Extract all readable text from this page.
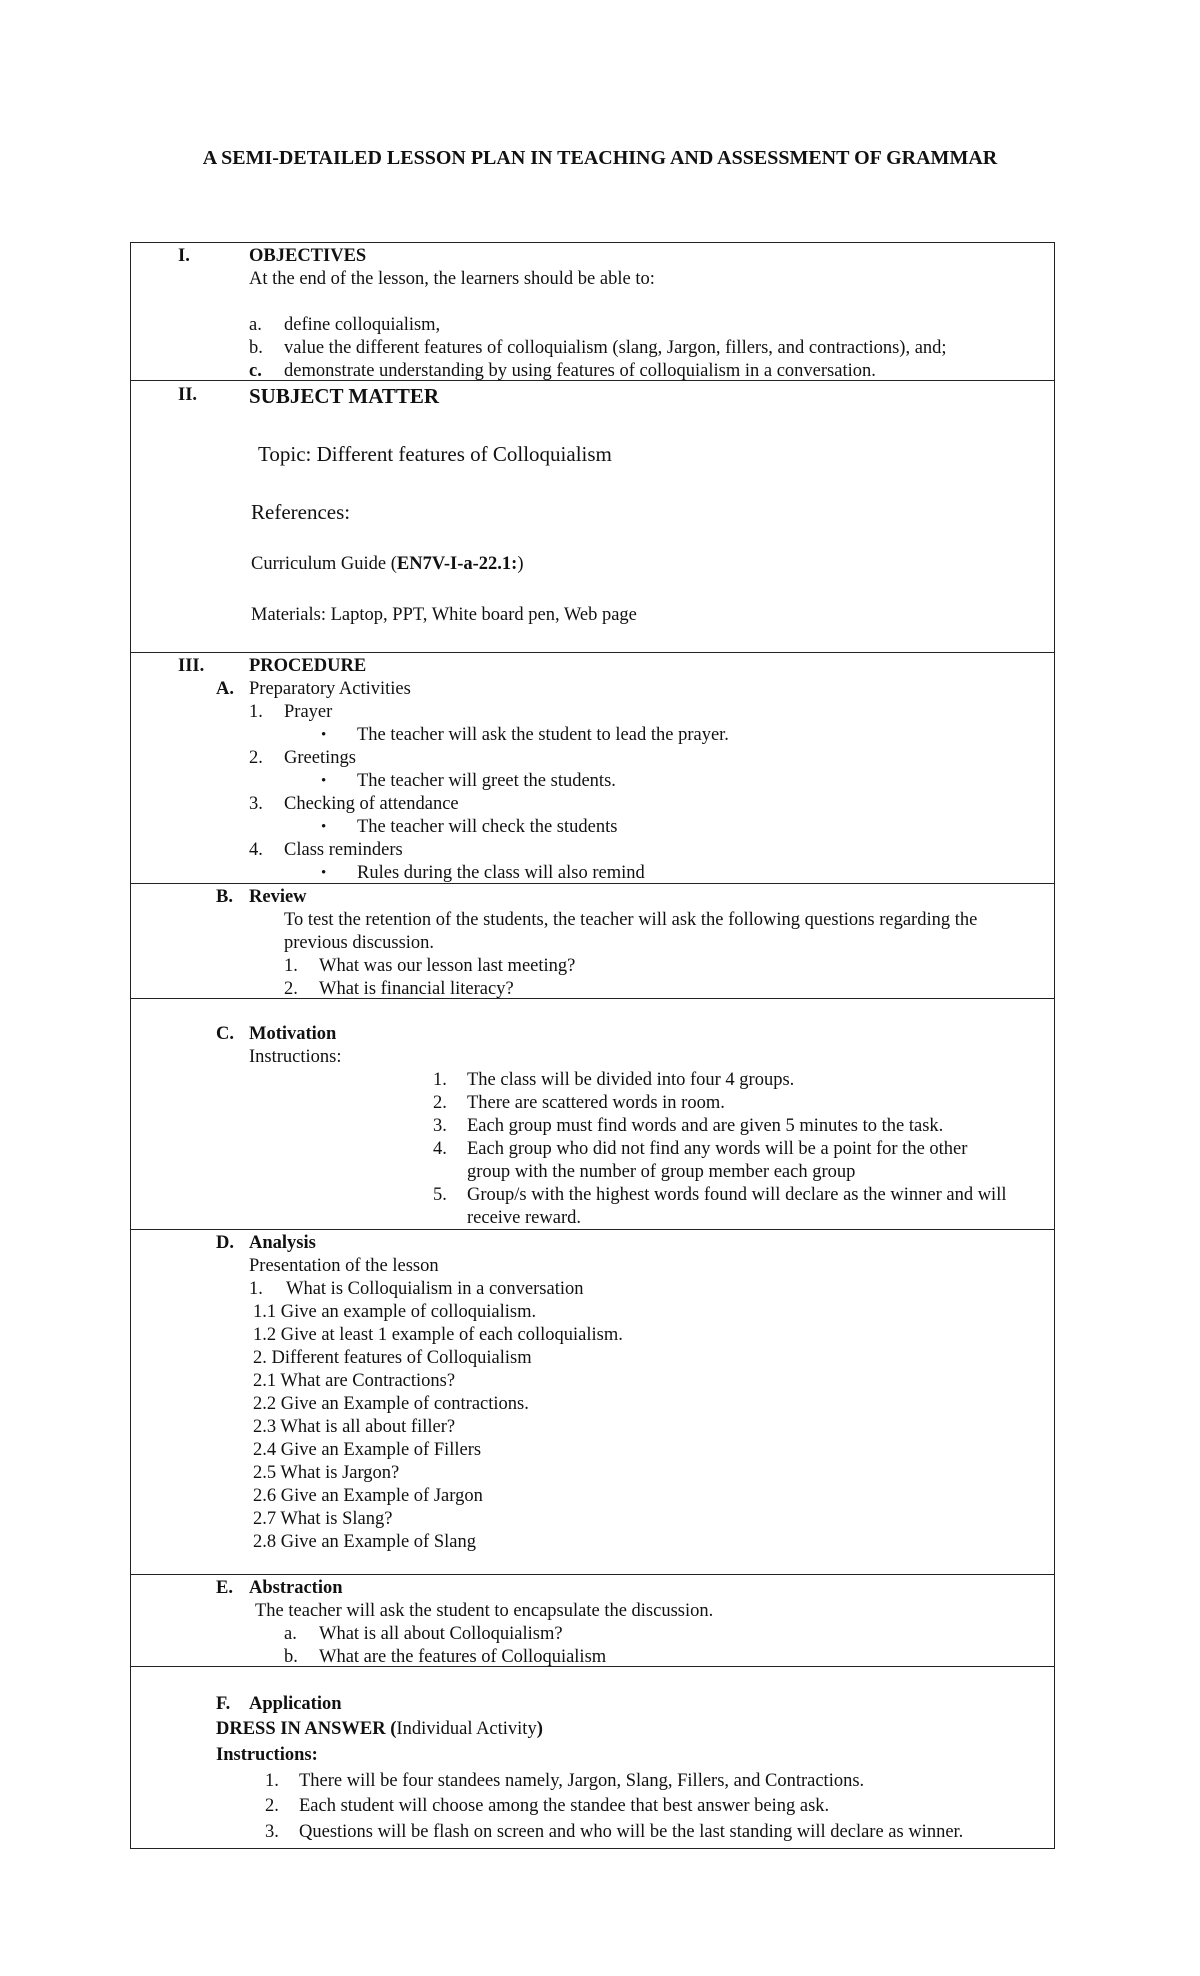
A SEMI-DETAILED LESSON PLAN IN TEACHING AND ASSESSMENT OF GRAMMAR
I.	OBJECTIVES
At the end of the lesson, the learners should be able to:
a. define colloquialism,
b. value the different features of colloquialism (slang, Jargon, fillers, and contractions), and;
c. demonstrate understanding by using features of colloquialism in a conversation.
II. SUBJECT MATTER
Topic: Different features of Colloquialism
References:
Curriculum Guide (EN7V-I-a-22.1:)
Materials: Laptop, PPT, White board pen, Web page
III. PROCEDURE
A. Preparatory Activities
1. Prayer
• The teacher will ask the student to lead the prayer.
2. Greetings
• The teacher will greet the students.
3. Checking of attendance
• The teacher will check the students
4. Class reminders
• Rules during the class will also remind
B. Review
To test the retention of the students, the teacher will ask the following questions regarding the
previous discussion.
1. What was our lesson last meeting?
2. What is financial literacy?
C. Motivation
Instructions:
1. The class will be divided into four 4 groups.
2. There are scattered words in room.
3. Each group must find words and are given 5 minutes to the task.
4. Each group who did not find any words will be a point for the other
group with the number of group member each group
5. Group/s with the highest words found will declare as the winner and will
receive reward.
D. Analysis
Presentation of the lesson
1. What is Colloquialism in a conversation
1.1 Give an example of colloquialism.
1.2 Give at least 1 example of each colloquialism.
2. Different features of Colloquialism
2.1 What are Contractions?
2.2 Give an Example of contractions.
2.3 What is all about filler?
2.4 Give an Example of Fillers
2.5 What is Jargon?
2.6 Give an Example of Jargon
2.7 What is Slang?
2.8 Give an Example of Slang
E. Abstraction
The teacher will ask the student to encapsulate the discussion.
a. What is all about Colloquialism?
b. What are the features of Colloquialism
F. Application
DRESS IN ANSWER (Individual Activity)
Instructions:
1. There will be four standees namely, Jargon, Slang, Fillers, and Contractions.
2. Each student will choose among the standee that best answer being ask.
3. Questions will be flash on screen and who will be the last standing will declare as winner.
